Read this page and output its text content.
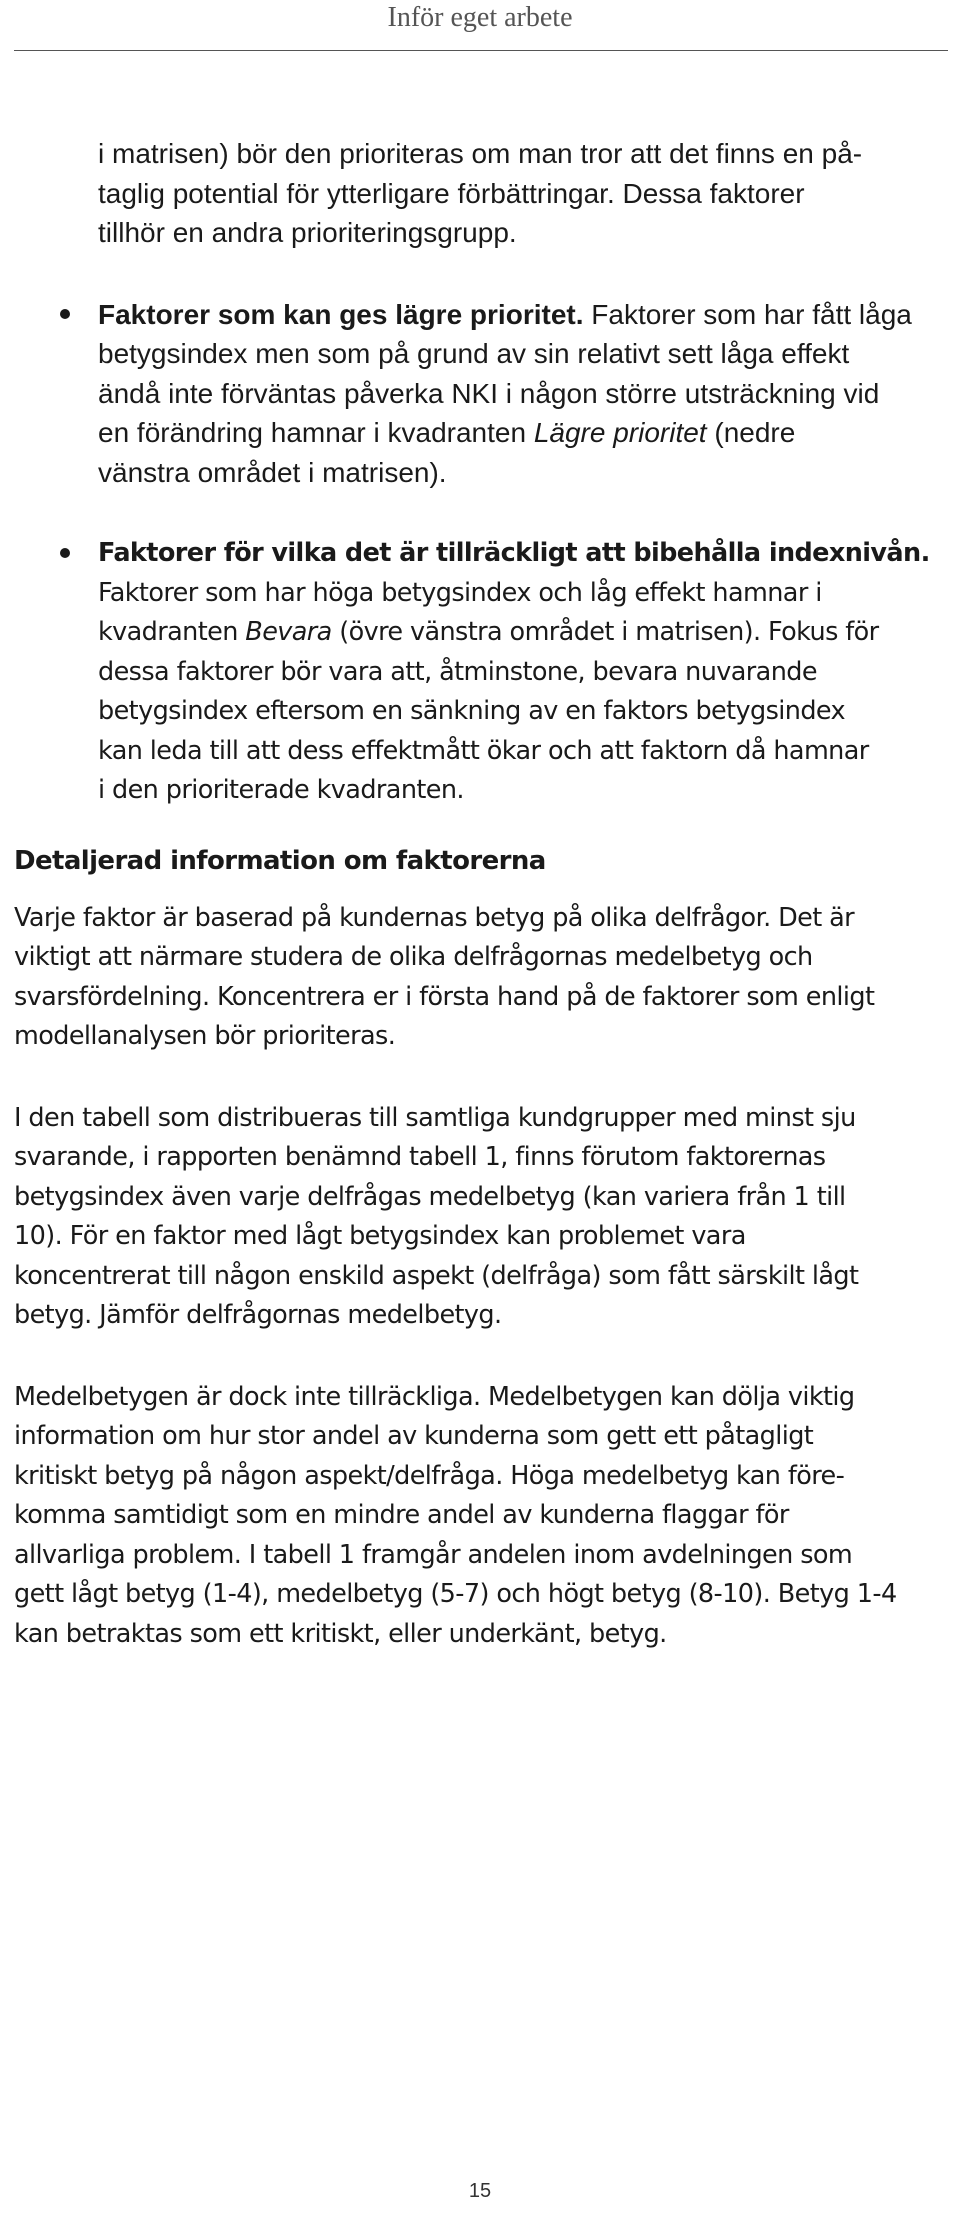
Inför eget arbete

i matrisen) bör den prioriteras om man tror att det finns en på-

taglig potential för ytterligare förbättringar. Dessa faktorer

tillhör en andra prioriteringsgrupp.

Faktorer som kan ges lägre prioritet. Faktorer som har fått låga

betygsindex men som på grund av sin relativt sett låga effekt

ändå inte förväntas påverka NKI i någon större utsträckning vid

en förändring hamnar i kvadranten Lägre prioritet (nedre

vänstra området i matrisen).

Faktorer för vilka det är tillräckligt att bibehålla indexnivån.

Faktorer som har höga betygsindex och låg effekt hamnar i

kvadranten Bevara (övre vänstra området i matrisen). Fokus för

dessa faktorer bör vara att, åtminstone, bevara nuvarande

betygsindex eftersom en sänkning av en faktors betygsindex

kan leda till att dess effektmått ökar och att faktorn då hamnar

i den prioriterade kvadranten.

Detaljerad information om faktorerna

Varje faktor är baserad på kundernas betyg på olika delfrågor. Det är

viktigt att närmare studera de olika delfrågornas medelbetyg och

svarsfördelning. Koncentrera er i första hand på de faktorer som enligt

modellanalysen bör prioriteras.

I den tabell som distribueras till samtliga kundgrupper med minst sju

svarande, i rapporten benämnd tabell 1, finns förutom faktorernas

betygsindex även varje delfrågas medelbetyg (kan variera från 1 till

10). För en faktor med lågt betygsindex kan problemet vara

koncentrerat till någon enskild aspekt (delfråga) som fått särskilt lågt

betyg. Jämför delfrågornas medelbetyg.

Medelbetygen är dock inte tillräckliga. Medelbetygen kan dölja viktig

information om hur stor andel av kunderna som gett ett påtagligt

kritiskt betyg på någon aspekt/delfråga. Höga medelbetyg kan före-

komma samtidigt som en mindre andel av kunderna flaggar för

allvarliga problem. I tabell 1 framgår andelen inom avdelningen som

gett lågt betyg (1-4), medelbetyg (5-7) och högt betyg (8-10). Betyg 1-4

kan betraktas som ett kritiskt, eller underkänt, betyg.

15
